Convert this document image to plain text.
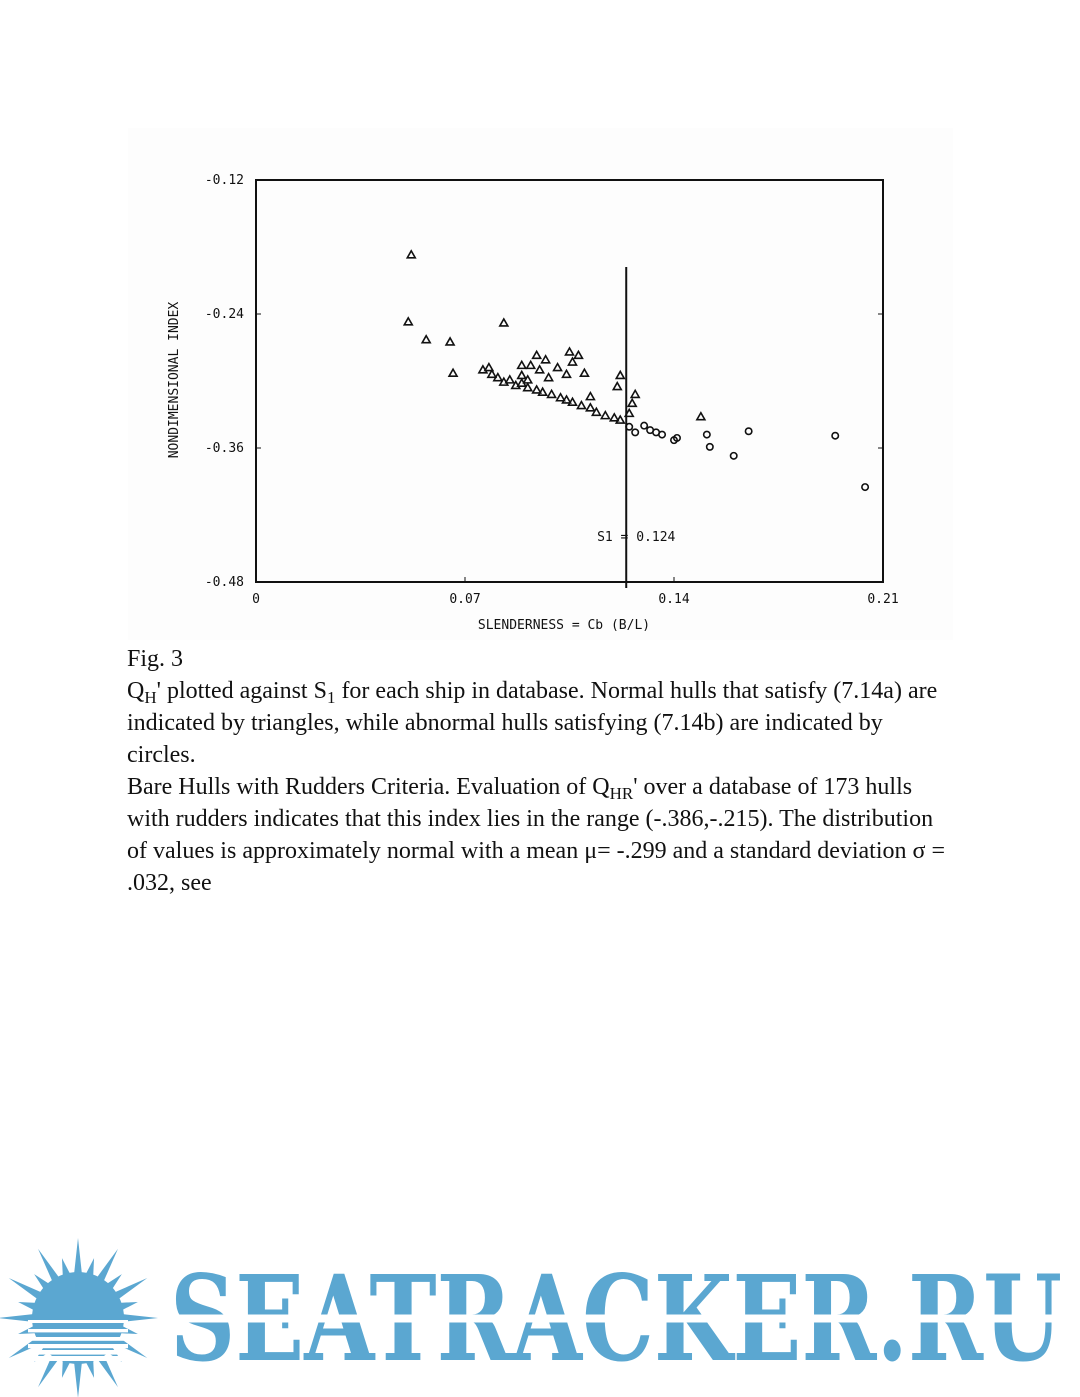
-0.12
-0.24
-0.36
-0.48
0	0.07	0.14	0.21
NONDIMENSIONAL INDEX
SLENDERNESS = Cb (B/L)
S1 = 0.124

Fig. 3

$Q_H'$ plotted against $S_1$ for each ship in database. Normal hulls that satisfy (7.14a) are indicated by triangles, while abnormal hulls satisfying (7.14b) are indicated by circles.

Bare Hulls with Rudders Criteria. Evaluation of $Q_{HR}'$ over a database of 173 hulls with rudders indicates that this index lies in the range (-.386,-.215). The distribution of values is approximately normal with a mean μ= -.299 and a standard deviation σ = .032, see

SEATRACKER.RU
